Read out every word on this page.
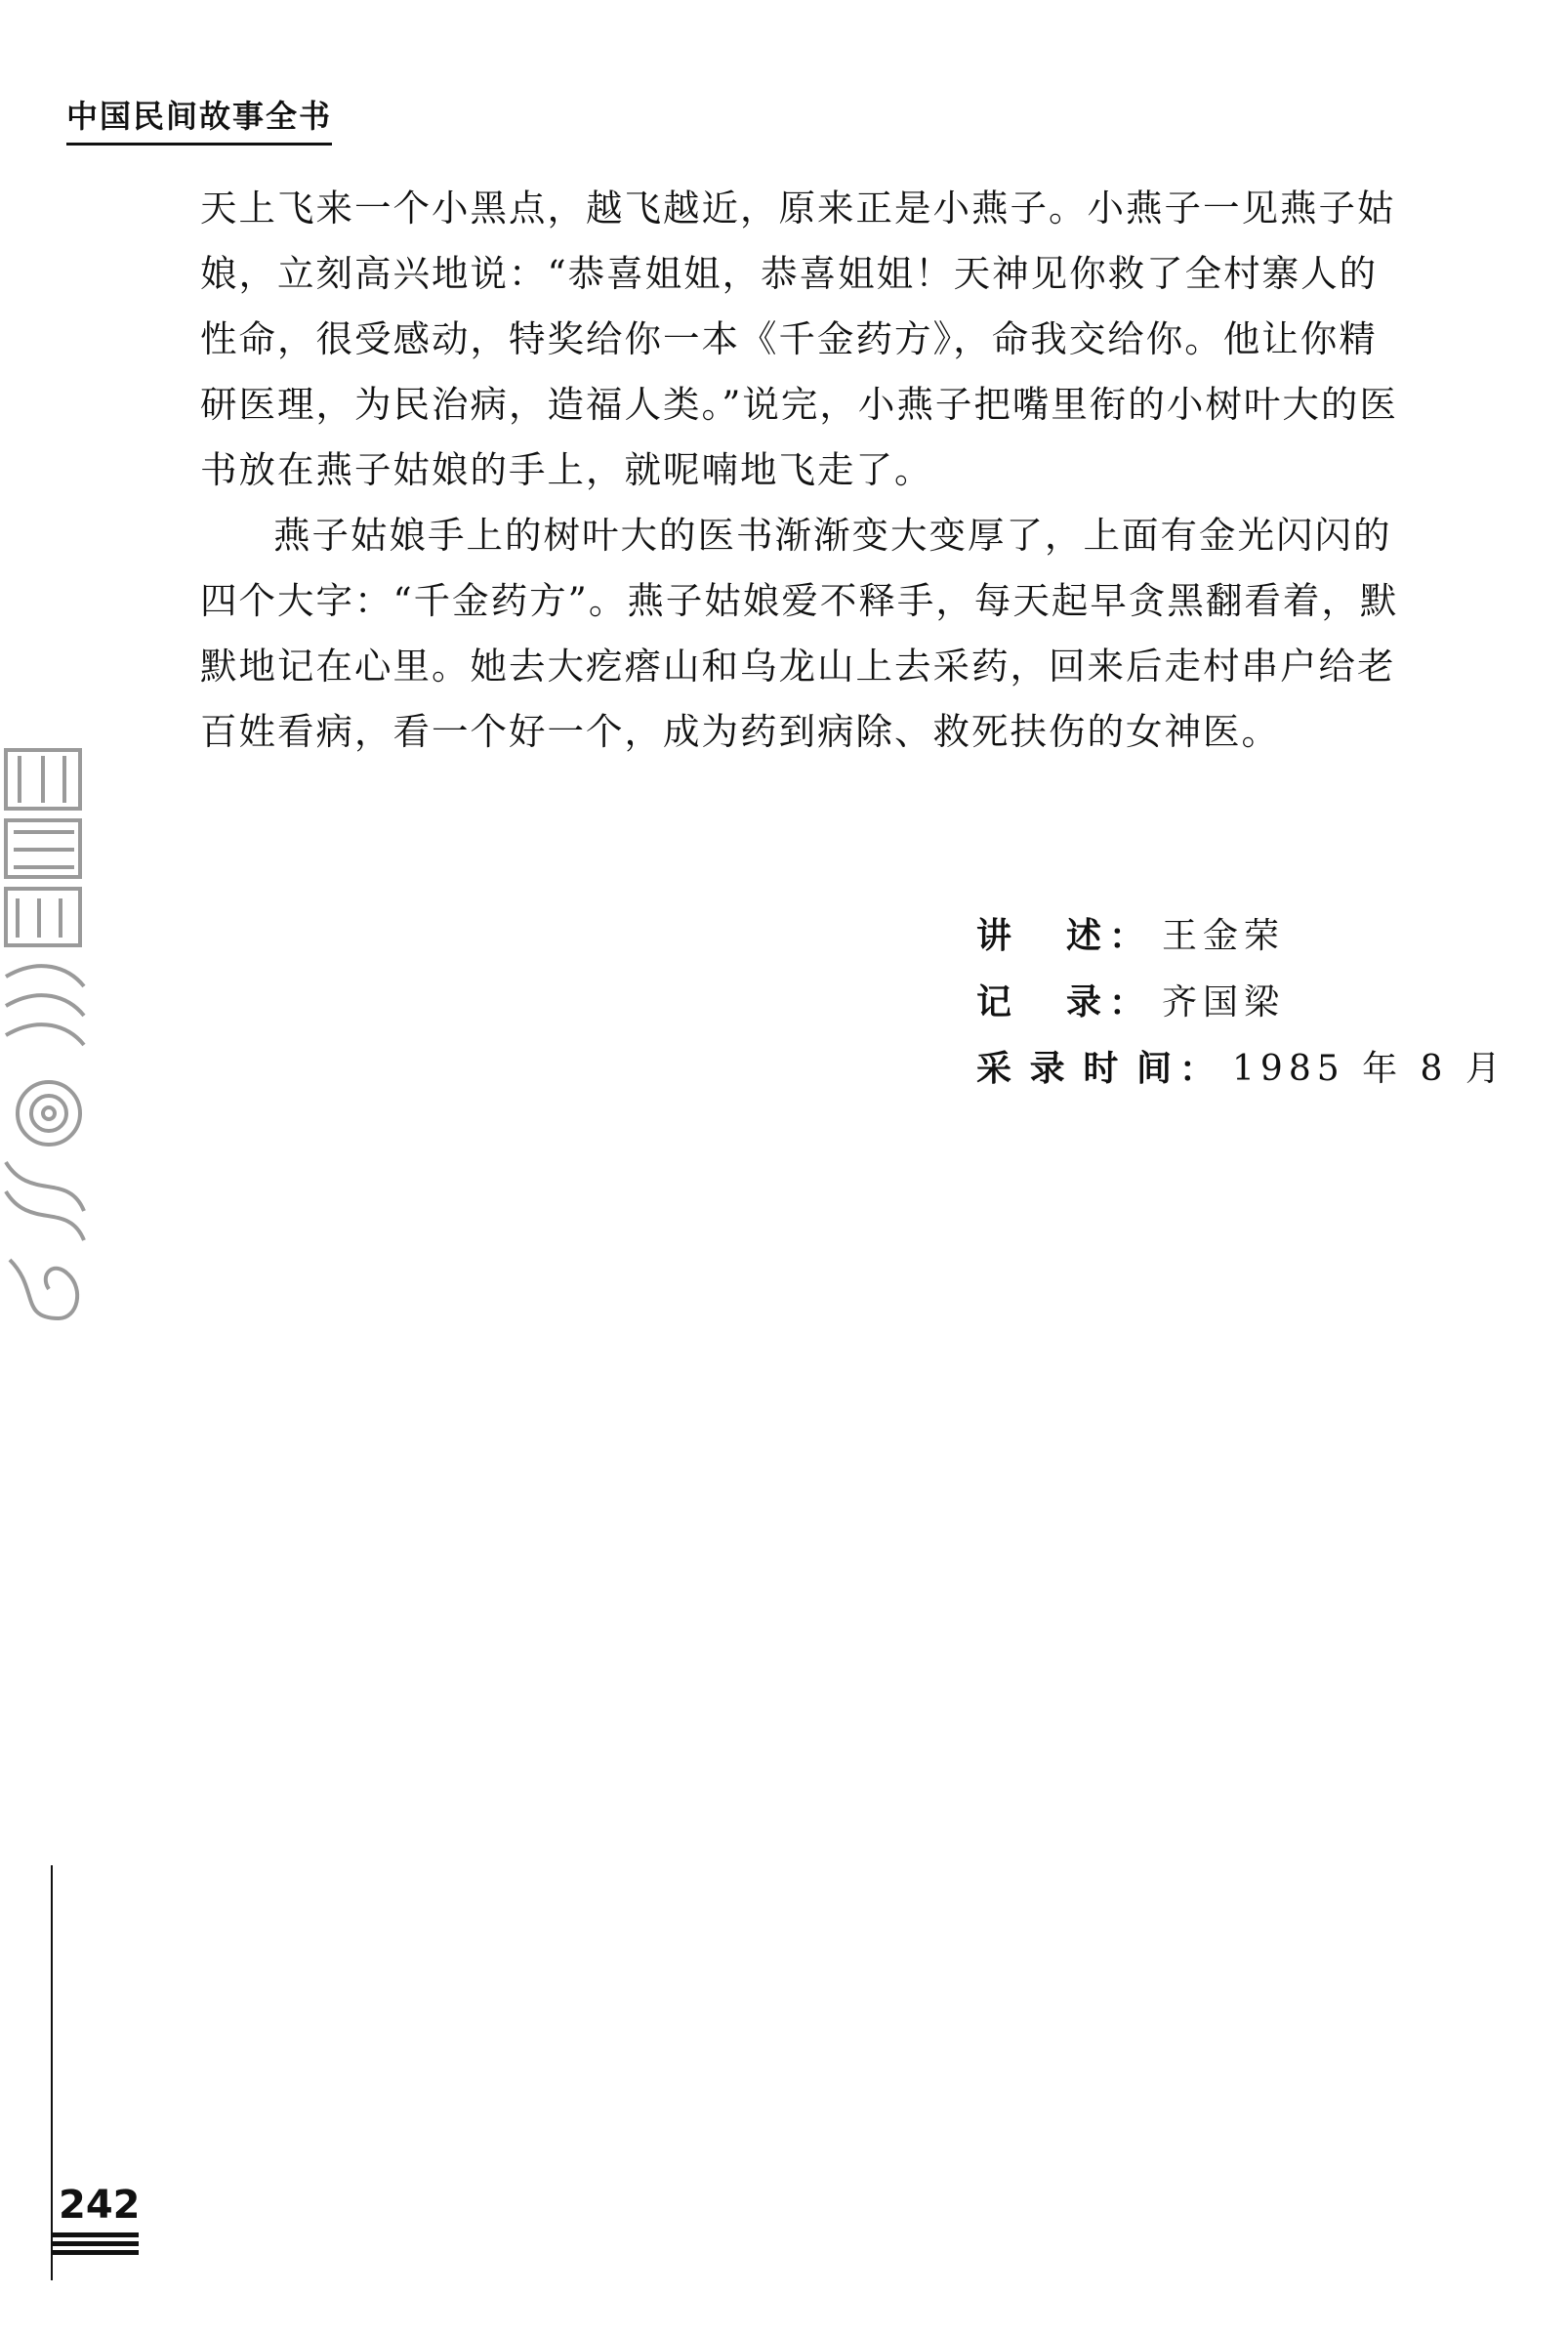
中国民间故事全书

天上飞来一个小黑点，越飞越近，原来正是小燕子。小燕子一见燕子姑娘，立刻高兴地说：“恭喜姐姐，恭喜姐姐！天神见你救了全村寨人的性命，很受感动，特奖给你一本《千金药方》，命我交给你。他让你精研医理，为民治病，造福人类。”说完，小燕子把嘴里衔的小树叶大的医书放在燕子姑娘的手上，就呢喃地飞走了。

燕子姑娘手上的树叶大的医书渐渐变大变厚了，上面有金光闪闪的四个大字：“千金药方”。燕子姑娘爱不释手，每天起早贪黑翻看着，默默地记在心里。她去大疙瘩山和乌龙山上去采药，回来后走村串户给老百姓看病，看一个好一个，成为药到病除、救死扶伤的女神医。

讲述 ： 王金荣
记录 ： 齐国梁
采录时间 ： 1985 年 8 月
242
